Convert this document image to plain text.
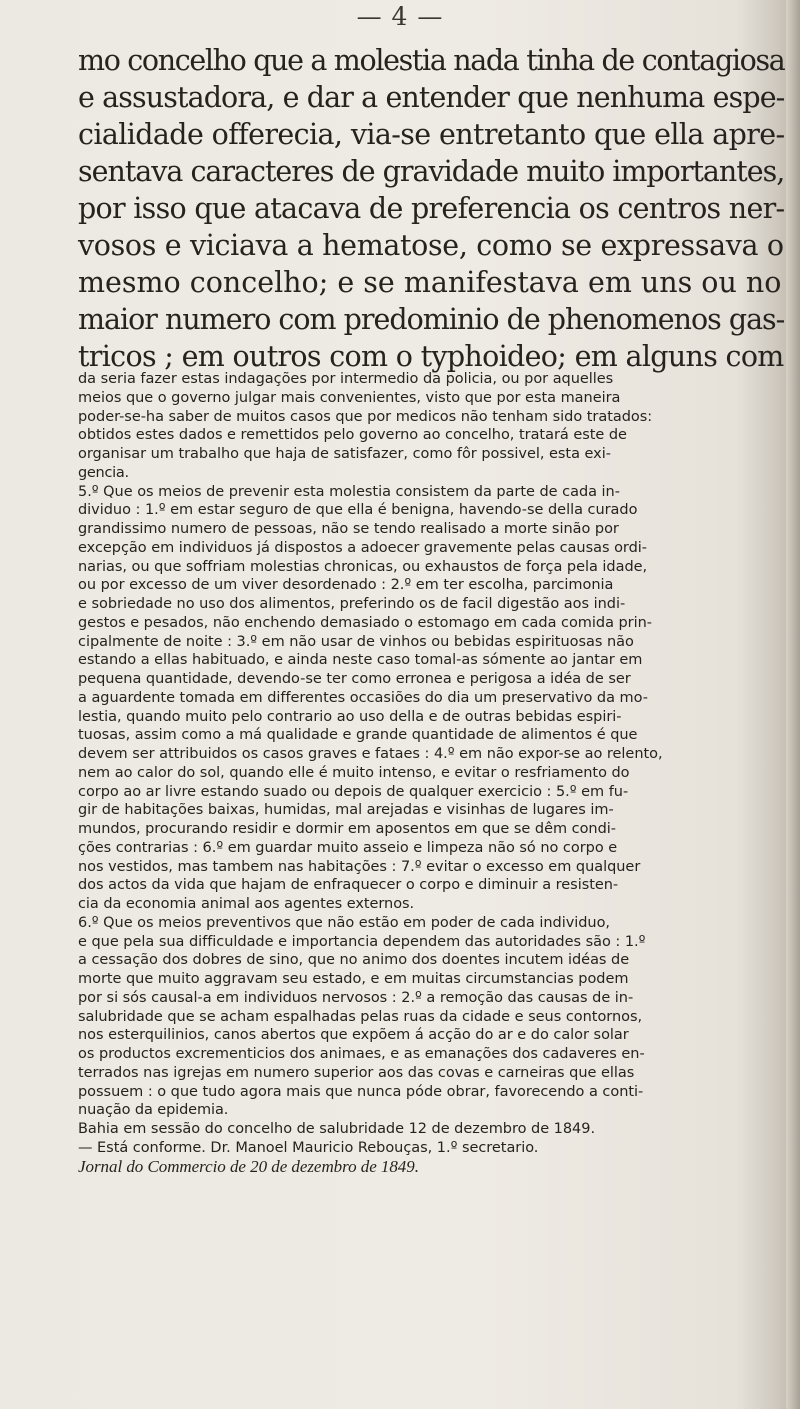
— 4 —
mo concelho que a molestia nada tinha de contagiosa
e assustadora, e dar a entender que nenhuma espe-
cialidade offerecia, via-se entretanto que ella apre-
sentava caracteres de gravidade muito importantes,
por isso que atacava de preferencia os centros ner-
vosos e viciava a hematose, como se expressava o
mesmo concelho; e se manifestava em uns ou no
maior numero com predominio de phenomenos gas-
tricos ; em outros com o typhoideo; em alguns com
da seria fazer estas indagações por intermedio da policia, ou por aquelles
meios que o governo julgar mais convenientes, visto que por esta maneira
poder-se-ha saber de muitos casos que por medicos não tenham sido tratados:
obtidos estes dados e remettidos pelo governo ao concelho, tratará este de
organisar um trabalho que haja de satisfazer, como fôr possivel, esta exi-
gencia.
5.º Que os meios de prevenir esta molestia consistem da parte de cada in-
dividuo : 1.º em estar seguro de que ella é benigna, havendo-se della curado
grandissimo numero de pessoas, não se tendo realisado a morte sinão por
excepção em individuos já dispostos a adoecer gravemente pelas causas ordi-
narias, ou que soffriam molestias chronicas, ou exhaustos de força pela idade,
ou por excesso de um viver desordenado : 2.º em ter escolha, parcimonia
e sobriedade no uso dos alimentos, preferindo os de facil digestão aos indi-
gestos e pesados, não enchendo demasiado o estomago em cada comida prin-
cipalmente de noite : 3.º em não usar de vinhos ou bebidas espirituosas não
estando a ellas habituado, e ainda neste caso tomal-as sómente ao jantar em
pequena quantidade, devendo-se ter como erronea e perigosa a idéa de ser
a aguardente tomada em differentes occasiões do dia um preservativo da mo-
lestia, quando muito pelo contrario ao uso della e de outras bebidas espiri-
tuosas, assim como a má qualidade e grande quantidade de alimentos é que
devem ser attribuidos os casos graves e fataes : 4.º em não expor-se ao relento,
nem ao calor do sol, quando elle é muito intenso, e evitar o resfriamento do
corpo ao ar livre estando suado ou depois de qualquer exercicio : 5.º em fu-
gir de habitações baixas, humidas, mal arejadas e visinhas de lugares im-
mundos, procurando residir e dormir em aposentos em que se dêm condi-
ções contrarias : 6.º em guardar muito asseio e limpeza não só no corpo e
nos vestidos, mas tambem nas habitações : 7.º evitar o excesso em qualquer
dos actos da vida que hajam de enfraquecer o corpo e diminuir a resisten-
cia da economia animal aos agentes externos.
6.º Que os meios preventivos que não estão em poder de cada individuo,
e que pela sua difficuldade e importancia dependem das autoridades são : 1.º
a cessação dos dobres de sino, que no animo dos doentes incutem idéas de
morte que muito aggravam seu estado, e em muitas circumstancias podem
por si sós causal-a em individuos nervosos : 2.º a remoção das causas de in-
salubridade que se acham espalhadas pelas ruas da cidade e seus contornos,
nos esterquilinios, canos abertos que expõem á acção do ar e do calor solar
os productos excrementicios dos animaes, e as emanações dos cadaveres en-
terrados nas igrejas em numero superior aos das covas e carneiras que ellas
possuem : o que tudo agora mais que nunca póde obrar, favorecendo a conti-
nuação da epidemia.
Bahia em sessão do concelho de salubridade 12 de dezembro de 1849.
— Está conforme. Dr. Manoel Mauricio Rebouças, 1.º secretario.
Jornal do Commercio de 20 de dezembro de 1849.
